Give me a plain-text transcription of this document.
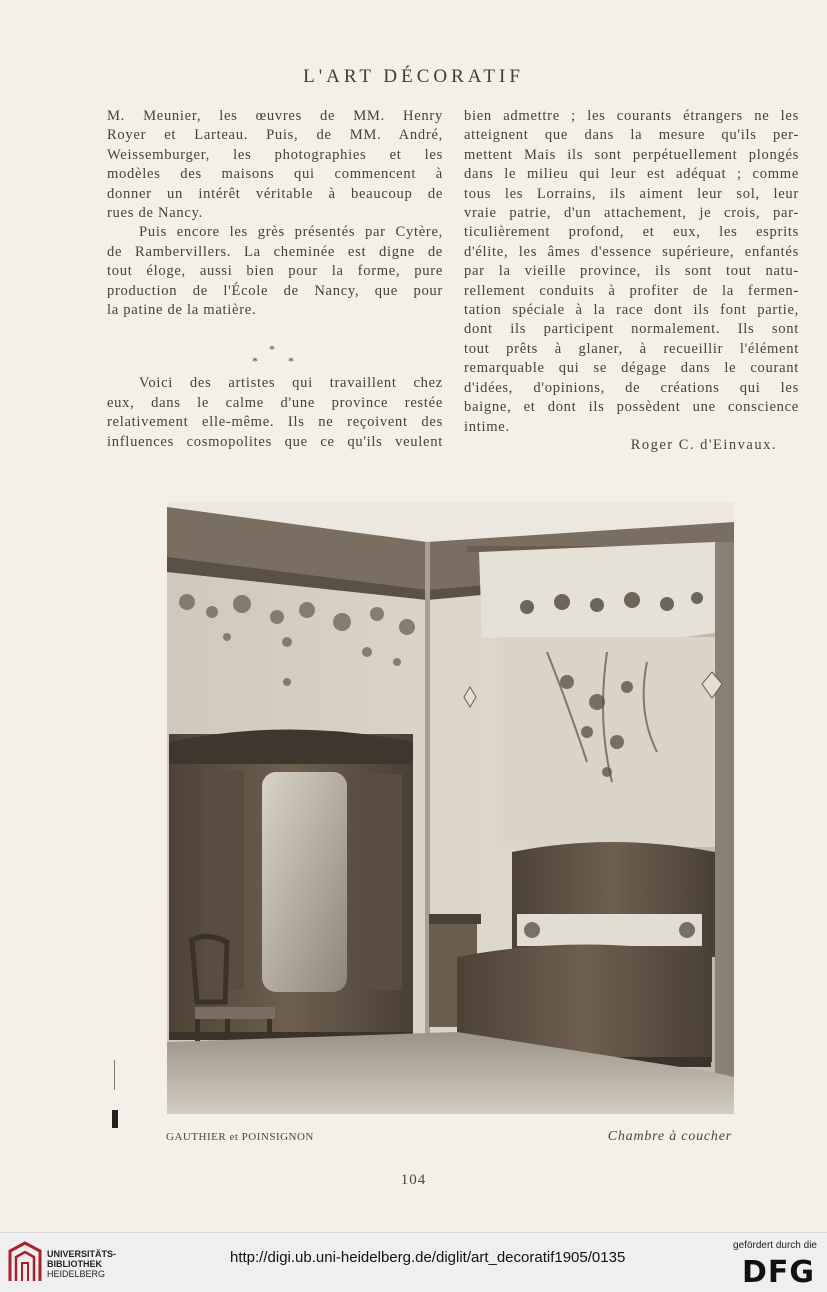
L'ART DÉCORATIF

M. Meunier, les œuvres de MM. Henry
Royer et Larteau. Puis, de MM. André,
Weissemburger, les photographies et les
modèles des maisons qui commencent à
donner un intérêt véritable à beaucoup de
rues de Nancy.

Puis encore les grès présentés par Cytère,
de Rambervillers. La cheminée est digne de
tout éloge, aussi bien pour la forme, pure
production de l'École de Nancy, que pour
la patine de la matière.

*
* *

Voici des artistes qui travaillent chez
eux, dans le calme d'une province restée
relativement elle-même. Ils ne reçoivent des
influences cosmopolites que ce qu'ils veulent

bien admettre ; les courants étrangers ne les
atteignent que dans la mesure qu'ils per-
mettent Mais ils sont perpétuellement plongés
dans le milieu qui leur est adéquat ; comme
tous les Lorrains, ils aiment leur sol, leur
vraie patrie, d'un attachement, je crois, par-
ticulièrement profond, et eux, les esprits
d'élite, les âmes d'essence supérieure, enfantés
par la vieille province, ils sont tout natu-
rellement conduits à profiter de la fermen-
tation spéciale à la race dont ils font partie,
dont ils participent normalement. Ils sont
tout prêts à glaner, à recueillir l'élément
remarquable qui se dégage dans le courant
d'idées, d'opinions, de créations qui les
baigne, et dont ils possèdent une conscience
intime.

Roger C. d'Einvaux.
GAUTHIER et POINSIGNON	Chambre à coucher
104
UNIVERSITÄTS-
BIBLIOTHEK
HEIDELBERG
http://digi.ub.uni-heidelberg.de/diglit/art_decoratif1905/0135
gefördert durch die
DFG
